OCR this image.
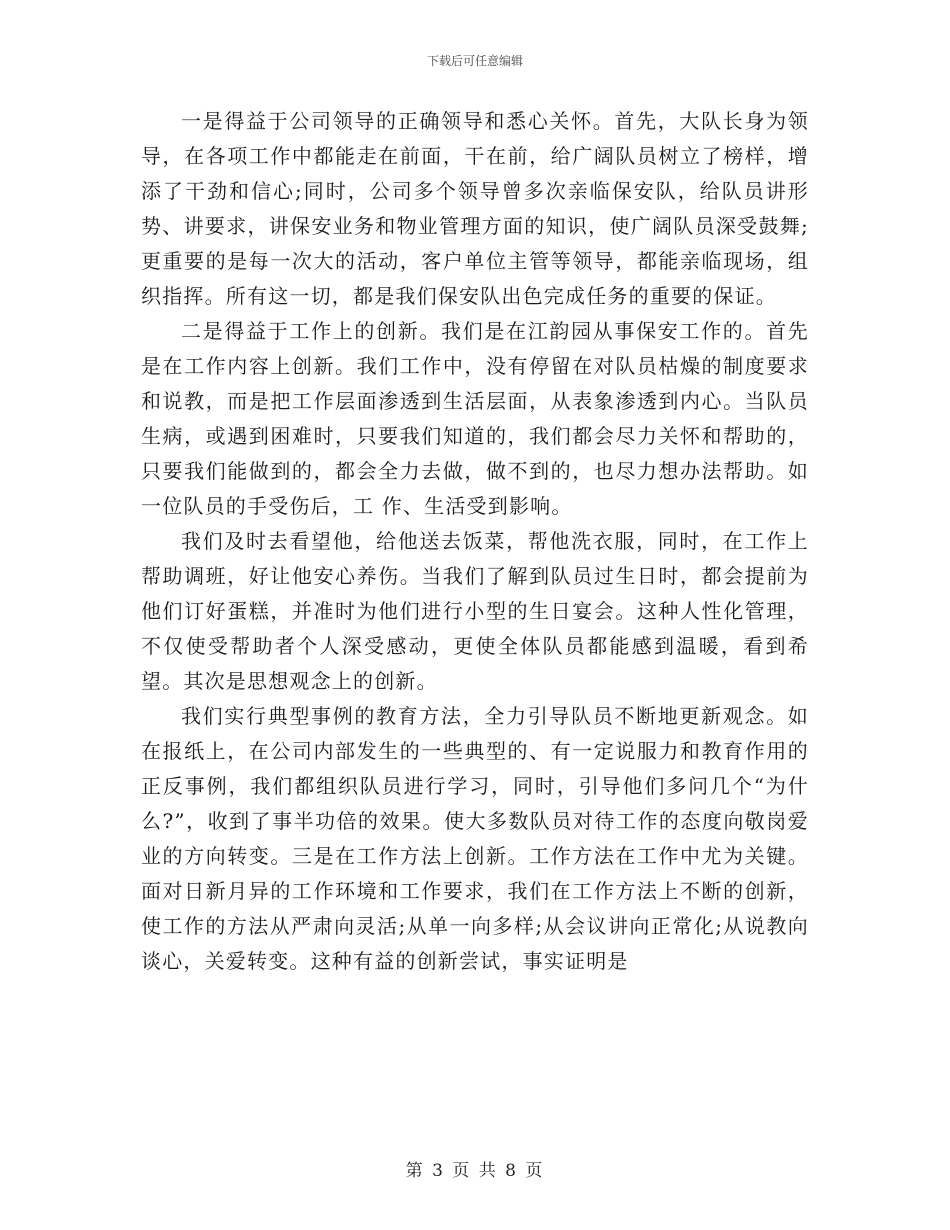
下载后可任意编辑

一是得益于公司领导的正确领导和悉心关怀。首先，大队长身为领导，在各项工作中都能走在前面，干在前，给广阔队员树立了榜样，增添了干劲和信心;同时，公司多个领导曾多次亲临保安队，给队员讲形势、讲要求，讲保安业务和物业管理方面的知识，使广阔队员深受鼓舞;更重要的是每一次大的活动，客户单位主管等领导，都能亲临现场，组织指挥。所有这一切，都是我们保安队出色完成任务的重要的保证。

二是得益于工作上的创新。我们是在江韵园从事保安工作的。首先是在工作内容上创新。我们工作中，没有停留在对队员枯燥的制度要求和说教，而是把工作层面渗透到生活层面，从表象渗透到内心。当队员生病，或遇到困难时，只要我们知道的，我们都会尽力关怀和帮助的，只要我们能做到的，都会全力去做，做不到的，也尽力想办法帮助。如一位队员的手受伤后，工 作、生活受到影响。

我们及时去看望他，给他送去饭菜，帮他洗衣服，同时，在工作上帮助调班，好让他安心养伤。当我们了解到队员过生日时，都会提前为他们订好蛋糕，并准时为他们进行小型的生日宴会。这种人性化管理，不仅使受帮助者个人深受感动，更使全体队员都能感到温暖，看到希望。其次是思想观念上的创新。

我们实行典型事例的教育方法，全力引导队员不断地更新观念。如在报纸上，在公司内部发生的一些典型的、有一定说服力和教育作用的正反事例，我们都组织队员进行学习，同时，引导他们多问几个“为什么?”，收到了事半功倍的效果。使大多数队员对待工作的态度向敬岗爱业的方向转变。三是在工作方法上创新。工作方法在工作中尤为关键。面对日新月异的工作环境和工作要求，我们在工作方法上不断的创新，使工作的方法从严肃向灵活;从单一向多样;从会议讲向正常化;从说教向谈心，关爱转变。这种有益的创新尝试，事实证明是

第 3 页 共 8 页
